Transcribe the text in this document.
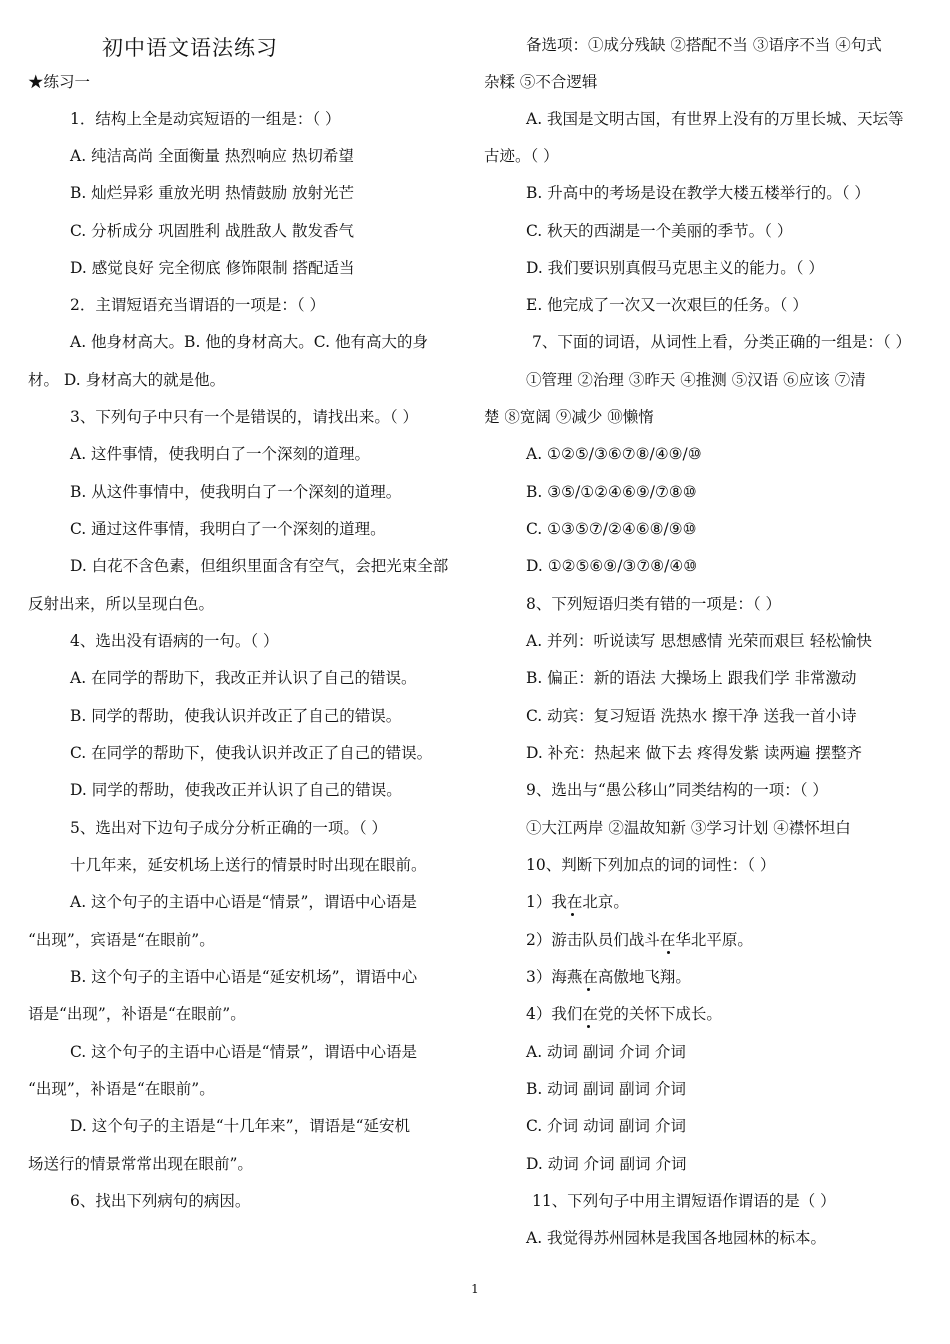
初中语文语法练习
★练习一
1．结构上全是动宾短语的一组是：（ ）
A. 纯洁高尚 全面衡量 热烈响应 热切希望
B. 灿烂异彩 重放光明 热情鼓励 放射光芒
C. 分析成分 巩固胜利 战胜敌人 散发香气
D. 感觉良好 完全彻底 修饰限制 搭配适当
2．主谓短语充当谓语的一项是：（ ）
A. 他身材高大。B. 他的身材高大。C. 他有高大的身
材。 D. 身材高大的就是他。
3、下列句子中只有一个是错误的，请找出来。（ ）
A. 这件事情，使我明白了一个深刻的道理。
B. 从这件事情中，使我明白了一个深刻的道理。
C. 通过这件事情，我明白了一个深刻的道理。
D. 白花不含色素，但组织里面含有空气，会把光束全部
反射出来，所以呈现白色。
4、选出没有语病的一句。（ ）
A. 在同学的帮助下，我改正并认识了自己的错误。
B. 同学的帮助，使我认识并改正了自己的错误。
C. 在同学的帮助下，使我认识并改正了自己的错误。
D. 同学的帮助，使我改正并认识了自己的错误。
5、选出对下边句子成分分析正确的一项。（ ）
十几年来，延安机场上送行的情景时时出现在眼前。
A. 这个句子的主语中心语是“情景”，谓语中心语是
“出现”，宾语是“在眼前”。
B. 这个句子的主语中心语是“延安机场”，谓语中心
语是“出现”，补语是“在眼前”。
C. 这个句子的主语中心语是“情景”，谓语中心语是
“出现”，补语是“在眼前”。
D. 这个句子的主语是“十几年来”，谓语是“延安机
场送行的情景常常出现在眼前”。
6、找出下列病句的病因。
备选项：①成分残缺 ②搭配不当 ③语序不当 ④句式
杂糅 ⑤不合逻辑
A. 我国是文明古国，有世界上没有的万里长城、天坛等
古迹。（ ）
B. 升高中的考场是设在教学大楼五楼举行的。（ ）
C. 秋天的西湖是一个美丽的季节。（ ）
D. 我们要识别真假马克思主义的能力。（ ）
E. 他完成了一次又一次艰巨的任务。（ ）
7、下面的词语，从词性上看，分类正确的一组是：（ ）
①管理 ②治理 ③昨天 ④推测 ⑤汉语 ⑥应该 ⑦清
楚 ⑧宽阔 ⑨减少 ⑩懒惰
A. ①②⑤/③⑥⑦⑧/④⑨/⑩
B. ③⑤/①②④⑥⑨/⑦⑧⑩
C. ①③⑤⑦/②④⑥⑧/⑨⑩
D. ①②⑤⑥⑨/③⑦⑧/④⑩
8、下列短语归类有错的一项是：（ ）
A. 并列：听说读写 思想感情 光荣而艰巨 轻松愉快
B. 偏正：新的语法 大操场上 跟我们学 非常激动
C. 动宾：复习短语 洗热水 擦干净 送我一首小诗
D. 补充：热起来 做下去 疼得发紫 读两遍 摆整齐
9、选出与“愚公移山”同类结构的一项：（ ）
①大江两岸 ②温故知新 ③学习计划 ④襟怀坦白
10、判断下列加点的词的词性：（ ）
1）我在北京。
2）游击队员们战斗在华北平原。
3）海燕在高傲地飞翔。
4）我们在党的关怀下成长。
A. 动词 副词 介词 介词
B. 动词 副词 副词 介词
C. 介词 动词 副词 介词
D. 动词 介词 副词 介词
11、下列句子中用主谓短语作谓语的是（ ）
A. 我觉得苏州园林是我国各地园林的标本。
1
